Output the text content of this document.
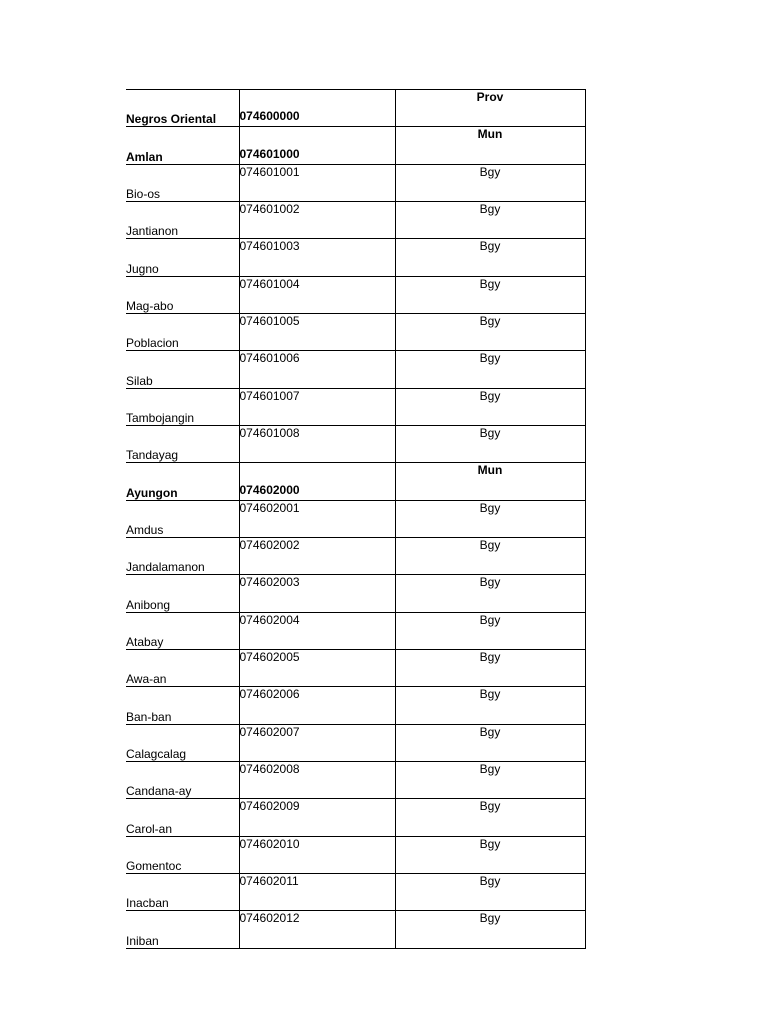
Negros Oriental	074600000	Prov
Amlan	074601000	Mun
Bio-os	074601001	Bgy
Jantianon	074601002	Bgy
Jugno	074601003	Bgy
Mag-abo	074601004	Bgy
Poblacion	074601005	Bgy
Silab	074601006	Bgy
Tambojangin	074601007	Bgy
Tandayag	074601008	Bgy
Ayungon	074602000	Mun
Amdus	074602001	Bgy
Jandalamanon	074602002	Bgy
Anibong	074602003	Bgy
Atabay	074602004	Bgy
Awa-an	074602005	Bgy
Ban-ban	074602006	Bgy
Calagcalag	074602007	Bgy
Candana-ay	074602008	Bgy
Carol-an	074602009	Bgy
Gomentoc	074602010	Bgy
Inacban	074602011	Bgy
Iniban	074602012	Bgy
